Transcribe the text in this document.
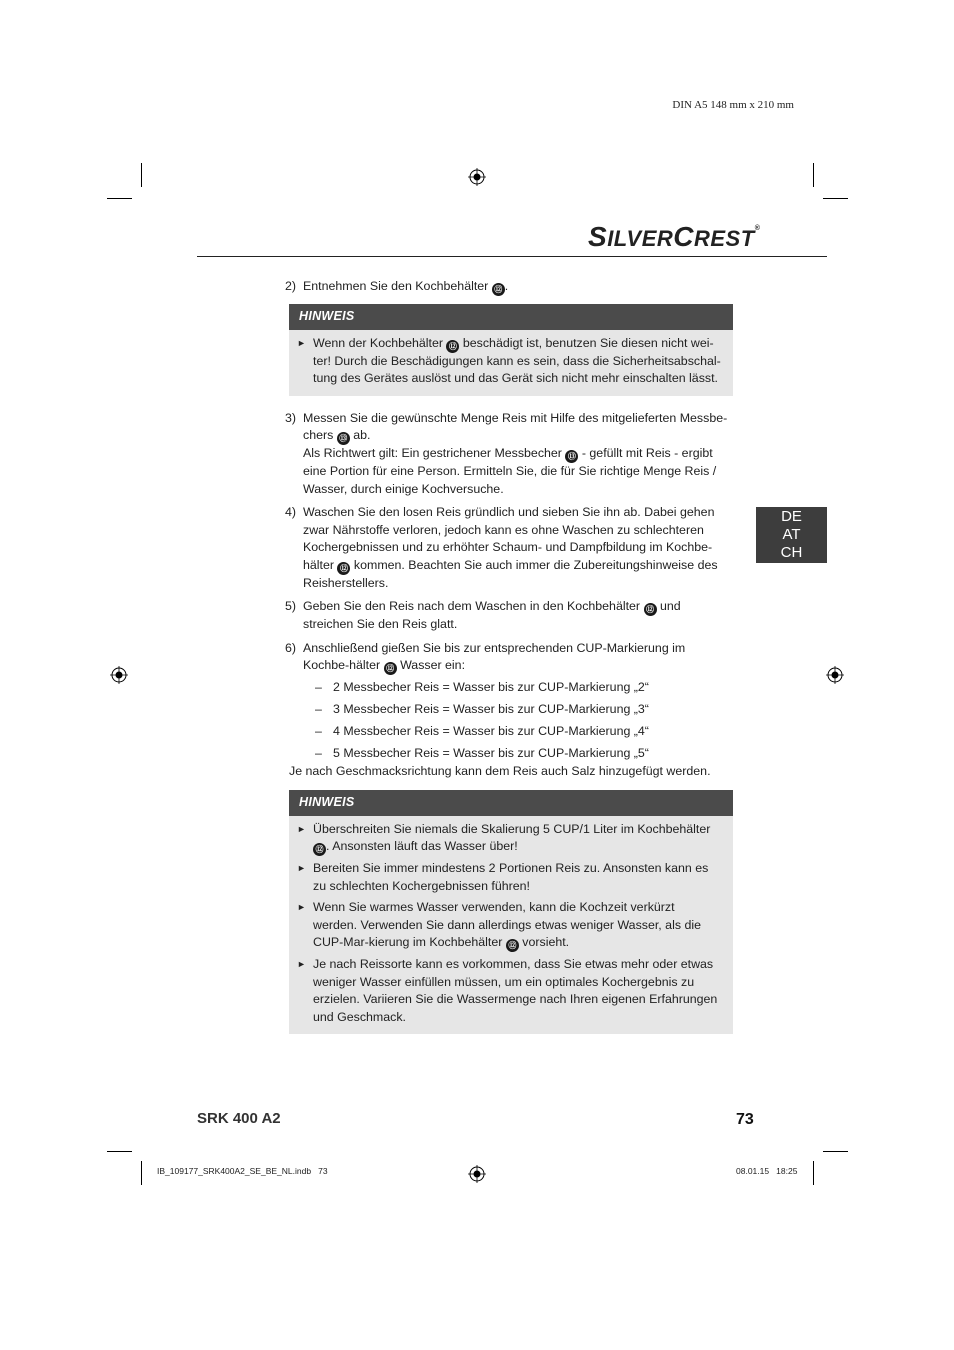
DIN A5 148 mm x 210 mm
SILVERCREST®
2) Entnehmen Sie den Kochbehälter ⑫ .
HINWEIS
► Wenn der Kochbehälter ⑫ beschädigt ist, benutzen Sie diesen nicht wei-ter! Durch die Beschädigungen kann es sein, dass die Sicherheitsabschal-tung des Gerätes auslöst und das Gerät sich nicht mehr einschalten lässt.
3) Messen Sie die gewünschte Menge Reis mit Hilfe des mitgelieferten Messbe-chers ⑬ ab.
Als Richtwert gilt: Ein gestrichener Messbecher ⑬ - gefüllt mit Reis - ergibt eine Portion für eine Person. Ermitteln Sie, die für Sie richtige Menge Reis / Wasser, durch einige Kochversuche.
4) Waschen Sie den losen Reis gründlich und sieben Sie ihn ab. Dabei gehen zwar Nährstoffe verloren, jedoch kann es ohne Waschen zu schlechteren Kochergebnissen und zu erhöhter Schaum- und Dampfbildung im Kochbe-hälter ⑫ kommen. Beachten Sie auch immer die Zubereitungshinweise des Reisherstellers.
5) Geben Sie den Reis nach dem Waschen in den Kochbehälter ⑫ und streichen Sie den Reis glatt.
6) Anschließend gießen Sie bis zur entsprechenden CUP-Markierung im Kochbe-hälter ⑫ Wasser ein:
– 2 Messbecher Reis = Wasser bis zur CUP-Markierung „2“
– 3 Messbecher Reis = Wasser bis zur CUP-Markierung „3“
– 4 Messbecher Reis = Wasser bis zur CUP-Markierung „4“
– 5 Messbecher Reis = Wasser bis zur CUP-Markierung „5“
Je nach Geschmacksrichtung kann dem Reis auch Salz hinzugefügt werden.
HINWEIS
► Überschreiten Sie niemals die Skalierung 5 CUP/1 Liter im Kochbehälter ⑫ . Ansonsten läuft das Wasser über!
► Bereiten Sie immer mindestens 2 Portionen Reis zu. Ansonsten kann es zu schlechten Kochergebnissen führen!
► Wenn Sie warmes Wasser verwenden, kann die Kochzeit verkürzt werden. Verwenden Sie dann allerdings etwas weniger Wasser, als die CUP-Mar-kierung im Kochbehälter ⑫ vorsieht.
► Je nach Reissorte kann es vorkommen, dass Sie etwas mehr oder etwas weniger Wasser einfüllen müssen, um ein optimales Kochergebnis zu erzielen. Variieren Sie die Wassermenge nach Ihren eigenen Erfahrungen und Geschmack.
DE
AT
CH
SRK 400 A2	73
IB_109177_SRK400A2_SE_BE_NL.indb   73	08.01.15   18:25
